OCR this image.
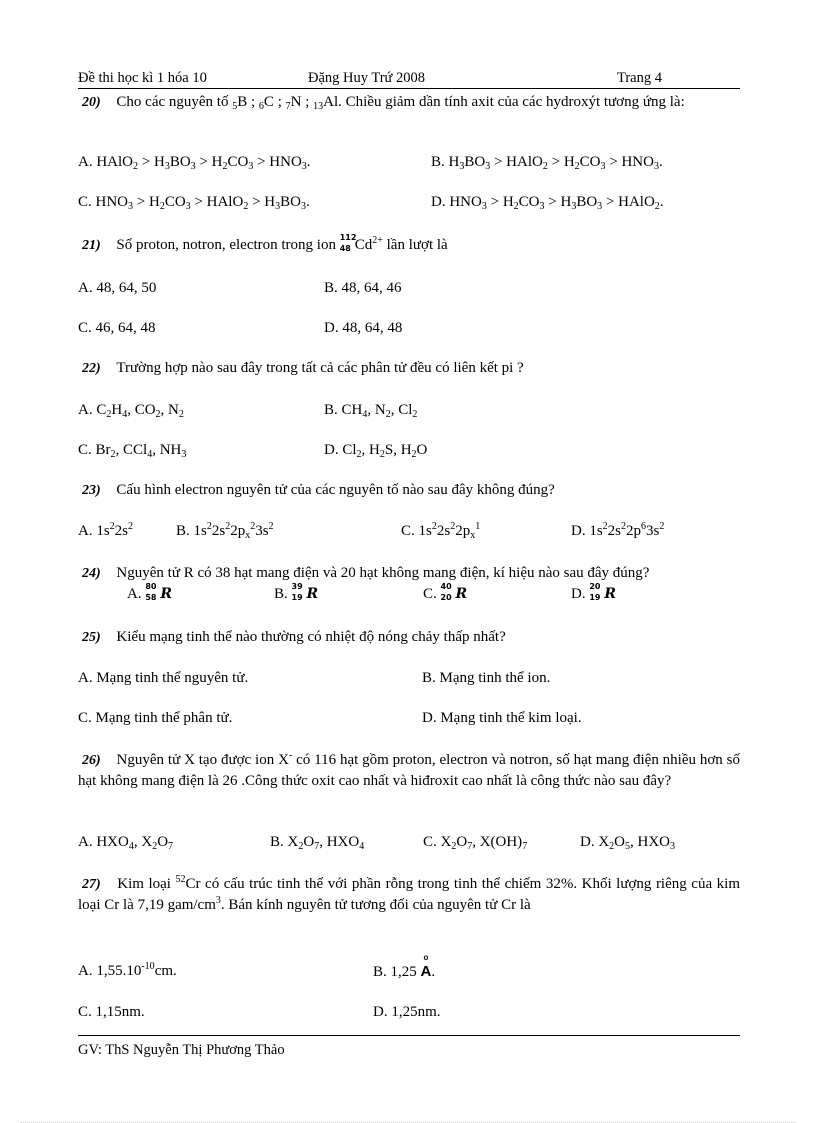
Đề thi học kì 1 hóa 10	Đặng Huy Trứ 2008	Trang 4
20) Cho các nguyên tố $_5$B ; $_6$C ; $_7$N ; $_{13}$Al. Chiều giảm dần tính axit của các hydroxýt tương ứng là:
A. HAlO$_2$ > $H_3BO_3 > H_2CO_3 > HNO_3$.	B. $H_3BO_3$ > HAlO$_2$ > $H_2CO_3 > HNO_3$.
C. $HNO_3 > H_2CO_3$ > HAlO$_2$ > $H_3BO_3$.	D. $HNO_3 > H_2CO_3 > H_3BO_3$ > HAlO$_2$.
21) Số proton, notron, electron trong ion 112
48 $Cd^{2+}$ lần lượt là
A. 48, 64, 50	B. 48, 64, 46
C. 46, 64, 48	D. 48, 64, 48
22) Trường hợp nào sau đây trong tất cả các phân tử đều có liên kết pi ?
A. $C_2H_4$, $CO_2$, $N_2$	B. $CH_4$, $N_2$, $Cl_2$
C. $Br_2$, CCl$_4$, $NH_3$	D. $Cl_2$, $H_2S$, $H_2O$
23) Cấu hình electron nguyên tử của các nguyên tố nào sau đây không đúng?
A. $1s^22s^2$	B. $1s^22s^22p_x^23s^2$	C. $1s^22s^22p_x^1$	D. $1s^22s^22p^63s^2$
24) Nguyên tử R có 38 hạt mang điện và 20 hạt không mang điện, kí hiệu nào sau đây đúng?
A. 80
58 R	B. 39
19 R	C. 40
20 R	D. 20
19 R
25) Kiểu mạng tinh thể nào thường có nhiệt độ nóng chảy thấp nhất?
A. Mạng tinh thể nguyên tử.	B. Mạng tinh thể ion.
C. Mạng tinh thể phân tử.	D. Mạng tinh thể kim loại.
26) Nguyên tử X tạo được ion X- có 116 hạt gồm proton, electron và notron, số hạt mang điện nhiều hơn số hạt không mang điện là 26 .Công thức oxit cao nhất và hiđroxit cao nhất là công thức nào sau đây?
A. $HXO_4$, $X_2O_7$	B. $X_2O_7$, $HXO_4$	C. $X_2O_7$, $X(OH)_7$	D. $X_2O_5$, $HXO_3$
27) Kim loại $^{52}$Cr có cấu trúc tinh thể với phần rỗng trong tinh thể chiếm 32%. Khối lượng riêng của kim loại Cr là 7,19 gam/$cm^3$. Bán kính nguyên tử tương đối của nguyên tử Cr là
A. $1,55.10^{-10}cm$.	B. 1,25 o A.
C. 1,15nm.	D. 1,25nm.
GV: ThS Nguyễn Thị Phương Thảo
